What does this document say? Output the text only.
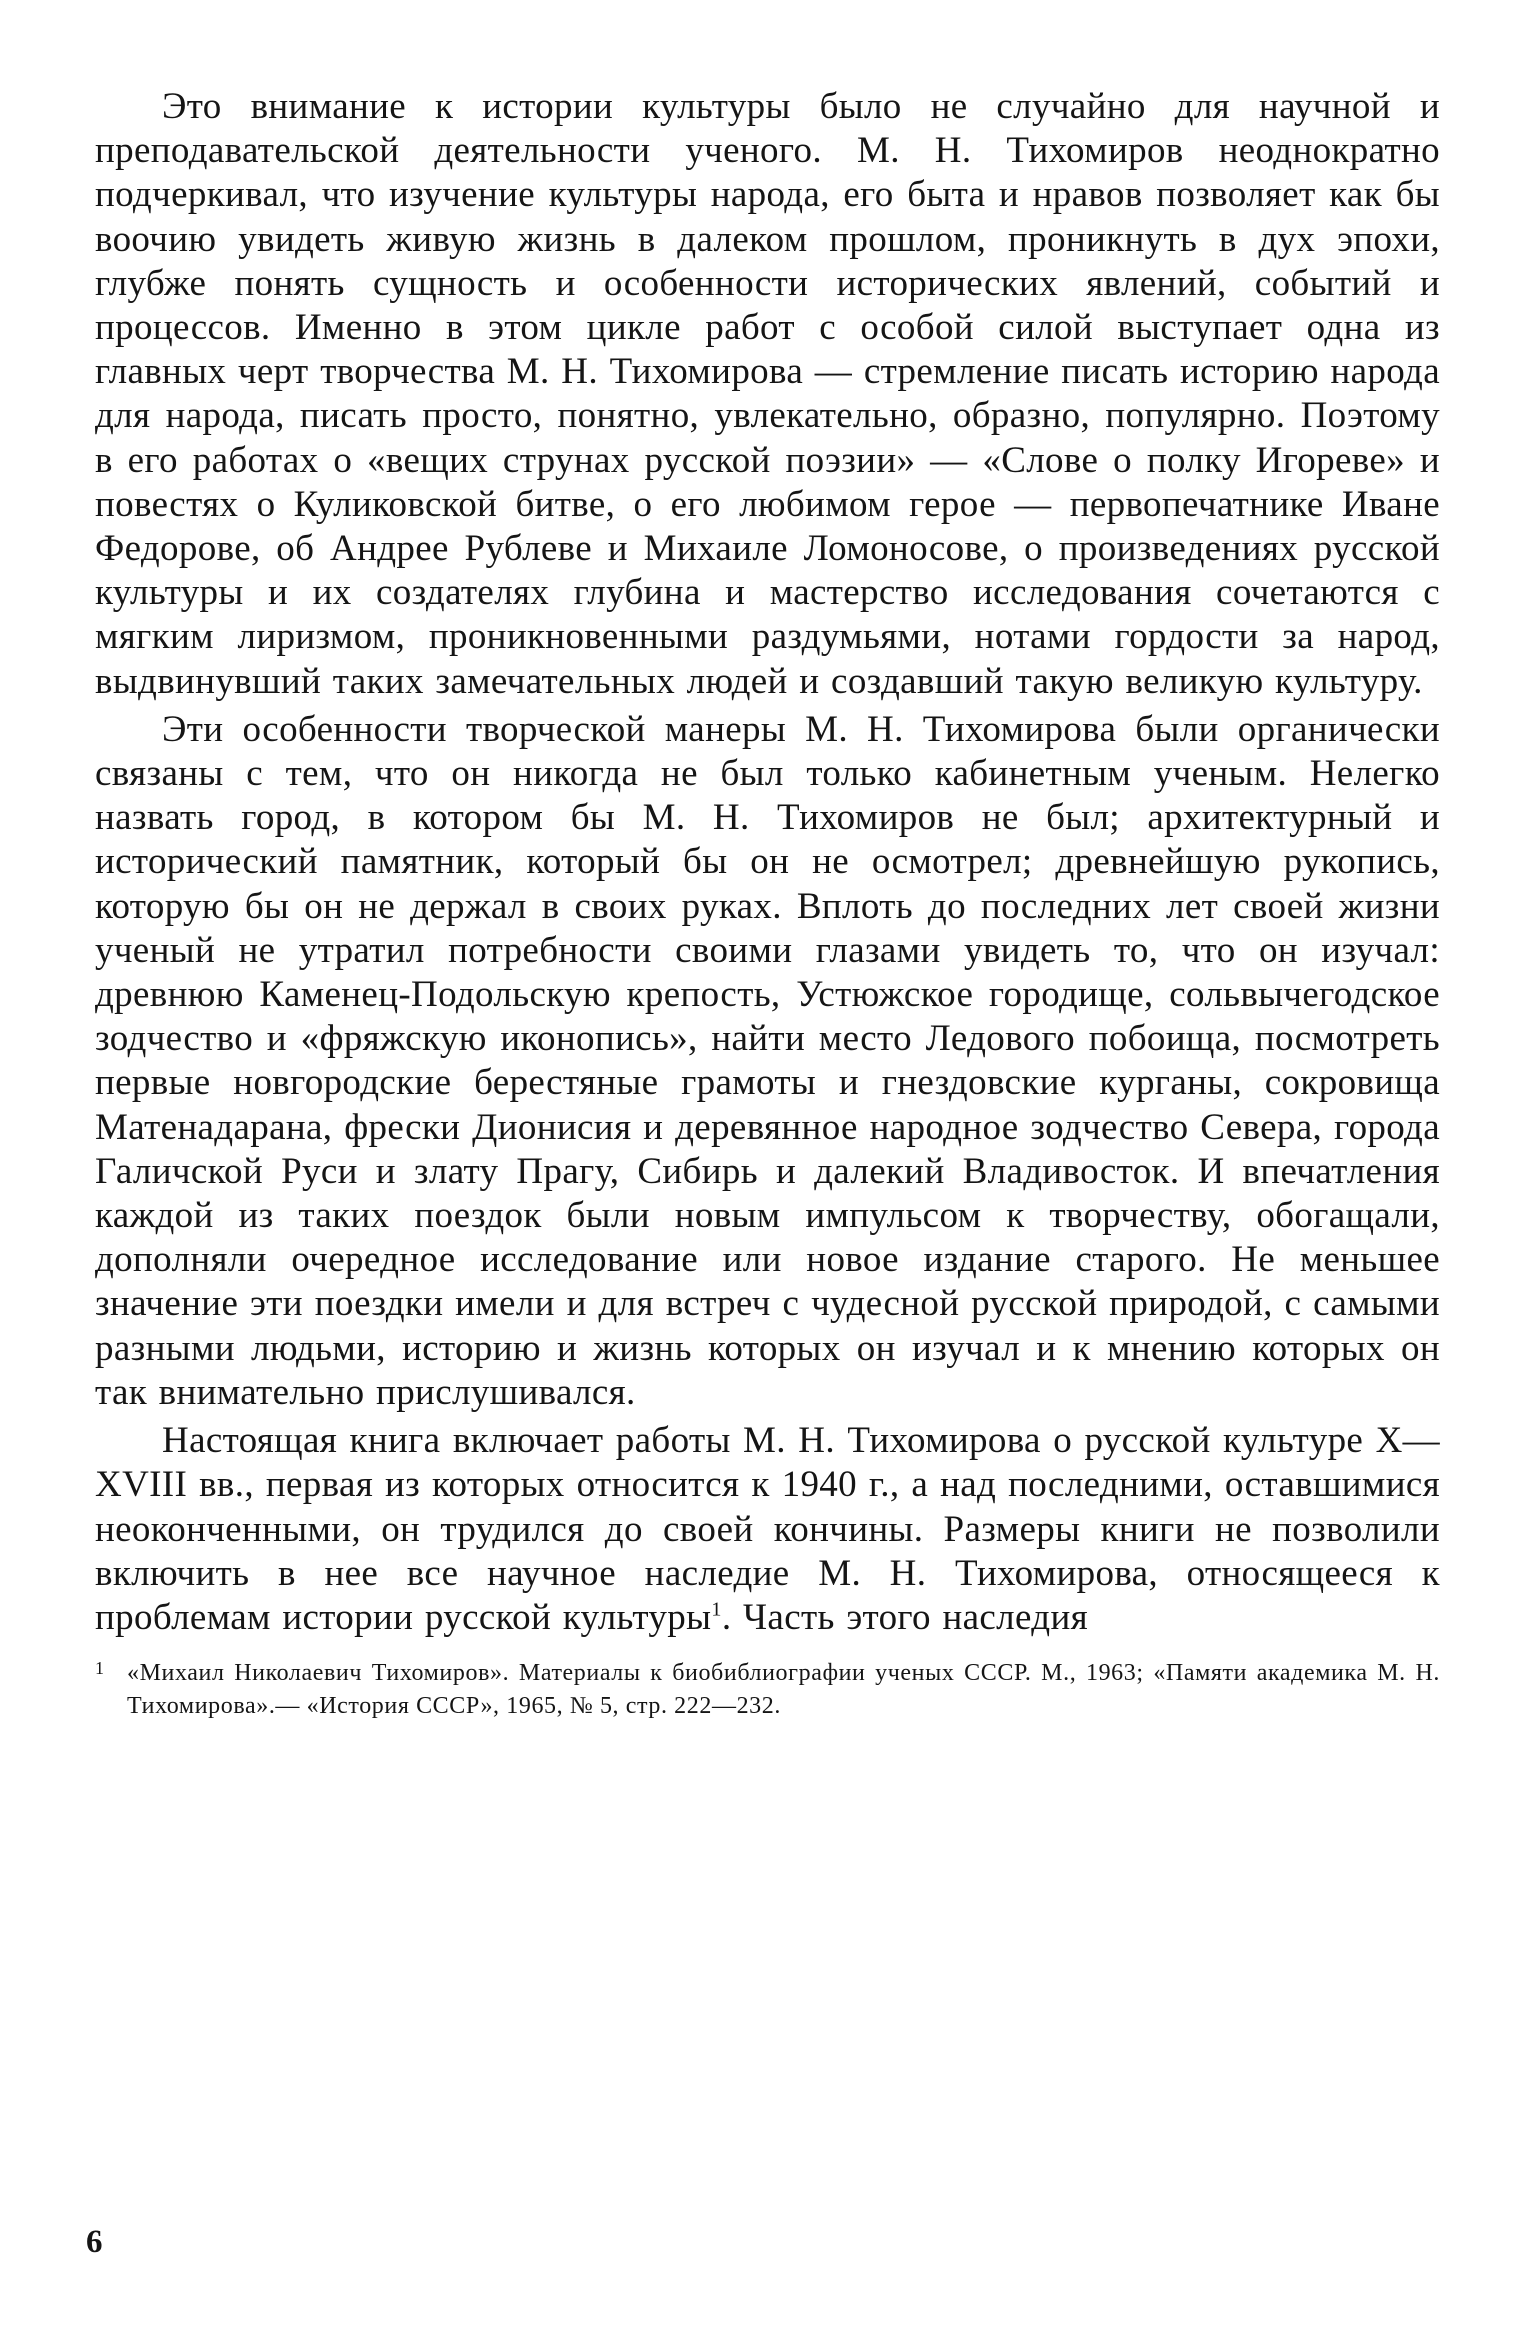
Это внимание к истории культуры было не случайно для научной и преподавательской деятельности ученого. М. Н. Тихомиров неоднократно подчеркивал, что изучение культуры народа, его быта и нравов позволяет как бы воочию увидеть живую жизнь в далеком прошлом, проникнуть в дух эпохи, глубже понять сущность и особенности исторических явлений, событий и процессов. Именно в этом цикле работ с особой силой выступает одна из главных черт творчества М. Н. Тихомирова — стремление писать историю народа для народа, писать просто, понятно, увлекательно, образно, популярно. Поэтому в его работах о «вещих струнах русской поэзии» — «Слове о полку Игореве» и повестях о Куликовской битве, о его любимом герое — первопечатнике Иване Федорове, об Андрее Рублеве и Михаиле Ломоносове, о произведениях русской культуры и их создателях глубина и мастерство исследования сочетаются с мягким лиризмом, проникновенными раздумьями, нотами гордости за народ, выдвинувший таких замечательных людей и создавший такую великую культуру.

Эти особенности творческой манеры М. Н. Тихомирова были органически связаны с тем, что он никогда не был только кабинетным ученым. Нелегко назвать город, в котором бы М. Н. Тихомиров не был; архитектурный и исторический памятник, который бы он не осмотрел; древнейшую рукопись, которую бы он не держал в своих руках. Вплоть до последних лет своей жизни ученый не утратил потребности своими глазами увидеть то, что он изучал: древнюю Каменец-Подольскую крепость, Устюжское городище, сольвычегодское зодчество и «фряжскую иконопись», найти место Ледового побоища, посмотреть первые новгородские берестяные грамоты и гнездовские курганы, сокровища Матенадарана, фрески Дионисия и деревянное народное зодчество Севера, города Галичской Руси и злату Прагу, Сибирь и далекий Владивосток. И впечатления каждой из таких поездок были новым импульсом к творчеству, обогащали, дополняли очередное исследование или новое издание старого. Не меньшее значение эти поездки имели и для встреч с чудесной русской природой, с самыми разными людьми, историю и жизнь которых он изучал и к мнению которых он так внимательно прислушивался.

Настоящая книга включает работы М. Н. Тихомирова о русской культуре X—XVIII вв., первая из которых относится к 1940 г., а над последними, оставшимися неоконченными, он трудился до своей кончины. Размеры книги не позволили включить в нее все научное наследие М. Н. Тихомирова, относящееся к проблемам истории русской культуры$^1$. Часть этого наследия

1 «Михаил Николаевич Тихомиров». Материалы к биобиблиографии ученых СССР. М., 1963; «Памяти академика М. Н. Тихомирова».— «История СССР», 1965, № 5, стр. 222—232.

6
